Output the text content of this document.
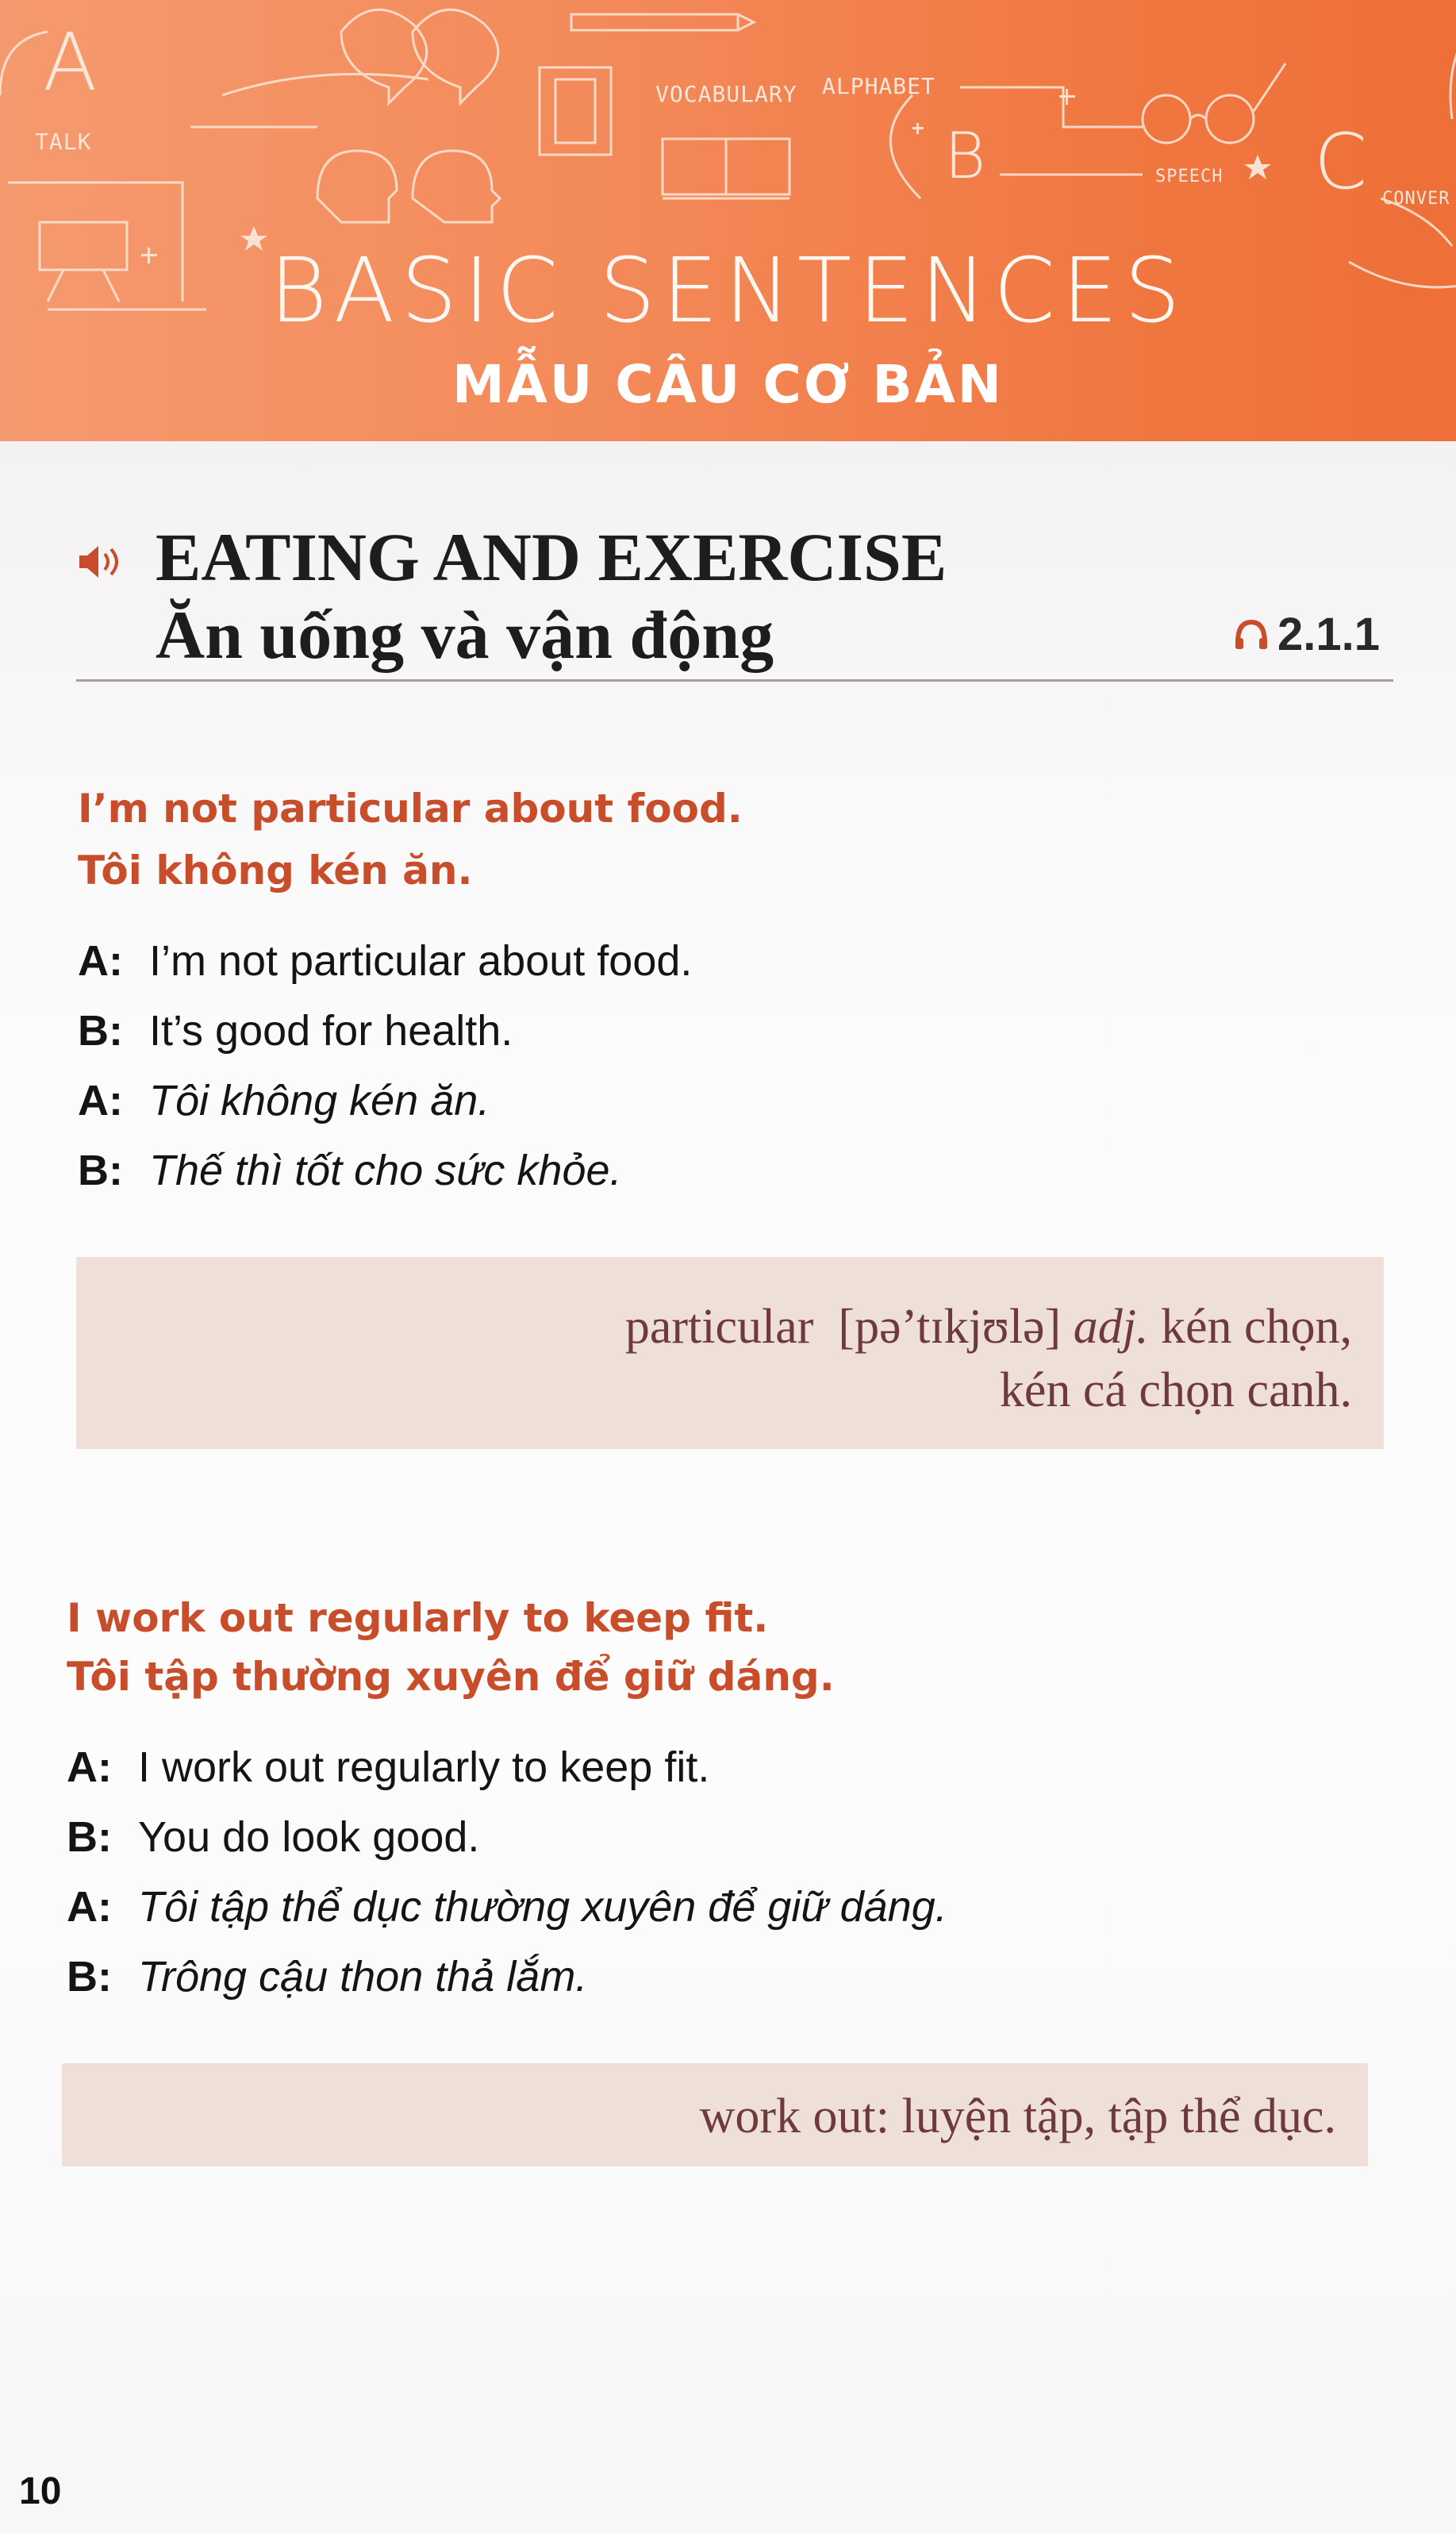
A
TALK
VOCABULARY ALPHABET
B	SPEECH C CONVER
BASIC SENTENCES
MẪU CÂU CƠ BẢN
EATING AND EXERCISE
Ăn uống và vận động	2.1.1
I’m not particular about food.
Tôi không kén ăn.
A: I’m not particular about food.
B: It’s good for health.
A: Tôi không kén ăn.
B: Thế thì tốt cho sức khỏe.
particular [pə’tɪkjʊlə] adj. kén chọn,
kén cá chọn canh.
I work out regularly to keep fit.
Tôi tập thường xuyên để giữ dáng.
A: I work out regularly to keep fit.
B: You do look good.
A: Tôi tập thể dục thường xuyên để giữ dáng.
B: Trông cậu thon thả lắm.
work out: luyện tập, tập thể dục.
10
